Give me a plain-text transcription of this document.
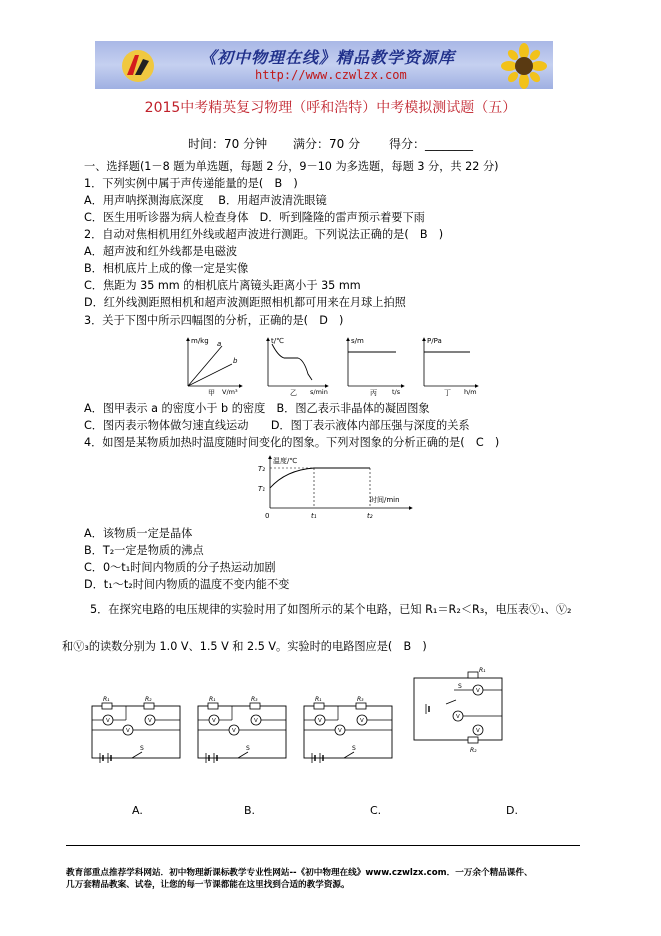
《初中物理在线》精品教学资源库
http://www.czwlzx.com
2015中考精英复习物理（呼和浩特）中考模拟测试题（五）
时间：70 分钟 满分：70 分 得分：________
一、选择题(1－8 题为单选题，每题 2 分，9－10 为多选题，每题 3 分，共 22 分)
1．下列实例中属于声传递能量的是(　B　)
A．用声呐探测海底深度　 B．用超声波清洗眼镜
C．医生用听诊器为病人检查身体　D．听到隆隆的雷声预示着要下雨
2．自动对焦相机用红外线或超声波进行测距。下列说法正确的是(　B　)
A．超声波和红外线都是电磁波
B．相机底片上成的像一定是实像
C．焦距为 35 mm 的相机底片离镜头距离小于 35 mm
D．红外线测距照相机和超声波测距照相机都可用来在月球上拍照
3．关于下图中所示四幅图的分析，正确的是(　D　)
m/kg
V/m³
a
b
甲
t/℃
s/min
乙
s/m
t/s
丙
P/Pa
h/m
丁
A．图甲表示 a 的密度小于 b 的密度　B．图乙表示非晶体的凝固图象
C．图丙表示物体做匀速直线运动　　D．图丁表示液体内部压强与深度的关系
4．如图是某物质加热时温度随时间变化的图象。下列对图象的分析正确的是(　C　)
温度/℃
时间/min
T₂
T₁
0	t₁	t₂
A．该物质一定是晶体
B．T₂一定是物质的沸点
C．0～t₁时间内物质的分子热运动加剧
D．t₁～t₂时间内物质的温度不变内能不变
5．在探究电路的电压规律的实验时用了如图所示的某个电路，已知 R₁＝R₂＜R₃，电压表Ⓥ₁、Ⓥ₂
和Ⓥ₃的读数分别为 1.0 V、1.5 V 和 2.5 V。实验时的电路图应是(　B　)
R₁	R₂
V
V
V
S
R₁	R₃
V
V
V
S
R₁	R₃
V
V
V
S
R₁
V
S
V
V
R₂
A.	B.	C.	D.
教育部重点推荐学科网站．初中物理新课标教学专业性网站--《初中物理在线》www.czwlzx.com．一万余个精品课件、
几万套精品教案、试卷，让您的每一节课都能在这里找到合适的教学资源。
